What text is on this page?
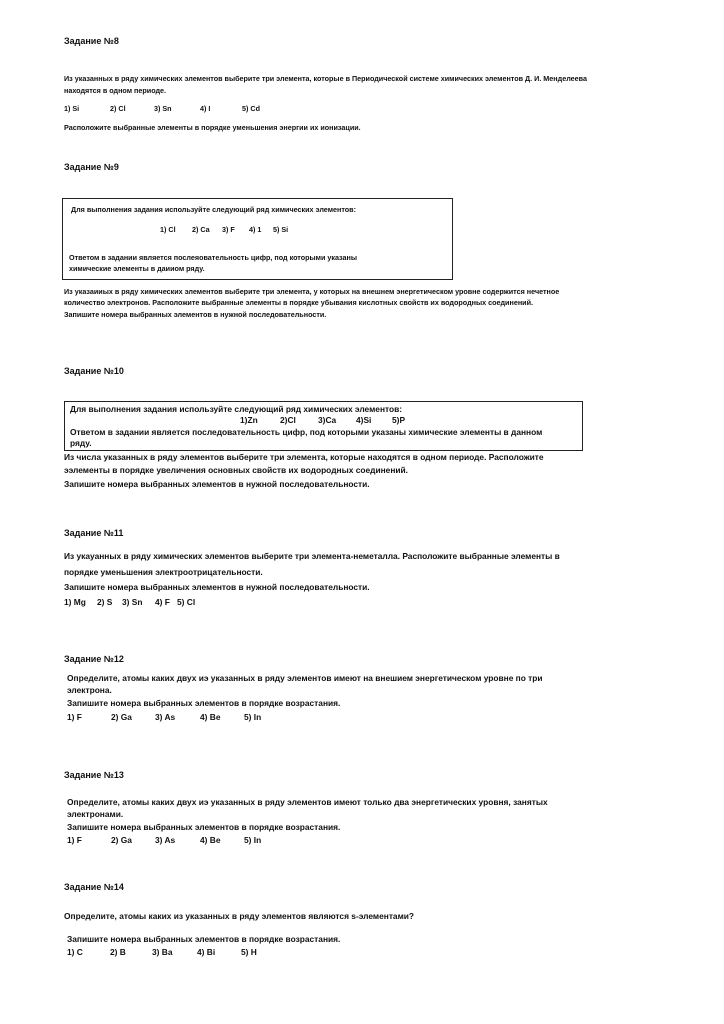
Задание №8
Из указанных в ряду химических элементов выберите три элемента, которые в Периодической системе химических элементов Д. И. Менделеева
находятся в одном периоде.
1) Si	2) Cl	3) Sn	4) I	5) Cd
Расположите выбранные элементы в порядке уменьшения энергии их ионизации.
Задание №9
Для выполнения задания используйте следующий ряд химических элементов:
1) Cl 2) Ca 3) F 4) 1 5) Si
Ответом в задании является послеяовательность цифр, под которыми указаны
химические элементы в даииом ряду.
Из указаииых в ряду химических элементов выберите три элемента, у которых на внешнем энергетическом уровне содержится нечетное
количество электронов. Расположите выбранные элементы в порядке убывания кислотных свойств их водородных соединений.
Запишите номера выбранных элементов в нужной последовательности.
Задание №10
Для выполнения задания используйте следующий ряд химических элементов:
1)Zn	2)Cl	3)Ca 4)Si 5)P
Ответом в задании является последовательность цифр, под которыми указаны химические элементы в данном
ряду.
Из числа указанных в ряду элементов выберите три элемента, которые находятся в одном периоде. Расположите
ээлементы в порядке увеличения основных свойств их водородных соединений.
Запишите номера выбранных элементов в нужной последовательности.
Задание №11
Из укауанных в ряду химических элементов выберите три элемента-неметалла. Расположите выбранные элементы в
порядке уменьшения электроотрицательности.
Запишите номера выбранных элементов в нужной последовательности.
1) Mg 2) S 3) Sn 4) F 5) Cl
Задание №12
Определите, атомы каких двух иэ указанных в ряду элементов имеют на внешием энергетическом уровне по три
электрона.
Запишите номера выбранных элементов в порядке возрастания.
1) F	2) Ga	3) As	4) Be	5) In
Задание №13
Определите, атомы каких двух иэ указанных в ряду элементов имеют только два энергетических уровня, занятых
электронами.
Запишите номера выбранных элементов в порядке возрастания.
1) F	2) Ga	3) As	4) Be	5) In
Задание №14
Определите, атомы каких из указанных в ряду элементов являются s-элементами?
Запишите номера выбранных элементов в порядке возрастания.
1) C	2) B	3) Ba	4) Bi	5) H
